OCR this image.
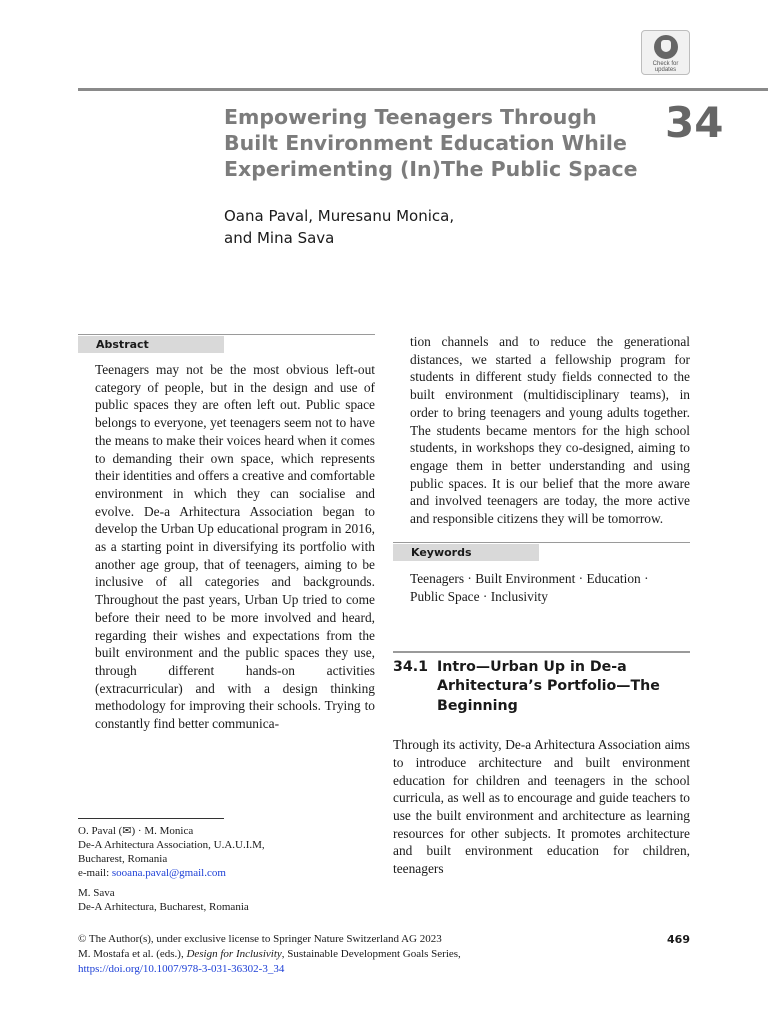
Check for
updates
Empowering Teenagers Through
Built Environment Education While
Experimenting (In)The Public Space
34
Oana Paval, Muresanu Monica,
and Mina Sava
Abstract

Teenagers may not be the most obvious left-out category of people, but in the design and use of public spaces they are often left out. Public space belongs to everyone, yet teenagers seem not to have the means to make their voices heard when it comes to demanding their own space, which represents their identities and offers a creative and comfortable environment in which they can socialise and evolve. De-a Arhitectura Association began to develop the Urban Up educational program in 2016, as a starting point in diversifying its portfolio with another age group, that of teenagers, aiming to be inclusive of all categories and backgrounds. Throughout the past years, Urban Up tried to come before their need to be more involved and heard, regarding their wishes and expectations from the built environment and the public spaces they use, through different hands-on activities (extracurricular) and with a design thinking methodology for improving their schools. Trying to constantly find better communica-

tion channels and to reduce the generational distances, we started a fellowship program for students in different study fields connected to the built environment (multidisciplinary teams), in order to bring teenagers and young adults together. The students became mentors for the high school students, in workshops they co-designed, aiming to engage them in better understanding and using public spaces. It is our belief that the more aware and involved teenagers are today, the more active and responsible citizens they will be tomorrow.

Keywords
Teenagers · Built Environment · Education ·
Public Space · Inclusivity
34.1 Intro—Urban Up in De-a Arhitectura’s Portfolio—The Beginning

Through its activity, De-a Arhitectura Association aims to introduce architecture and built environment education for children and teenagers in the school curricula, as well as to encourage and guide teachers to use the built environment and architecture as learning resources for other subjects. It promotes architecture and built environment education for children, teenagers

O. Paval (✉) · M. Monica
De-A Arhitectura Association, U.A.U.I.M,
Bucharest, Romania
e-mail: sooana.paval@gmail.com
M. Sava
De-A Arhitectura, Bucharest, Romania
© The Author(s), under exclusive license to Springer Nature Switzerland AG 2023
M. Mostafa et al. (eds.), Design for Inclusivity, Sustainable Development Goals Series,
https://doi.org/10.1007/978-3-031-36302-3_34
469
